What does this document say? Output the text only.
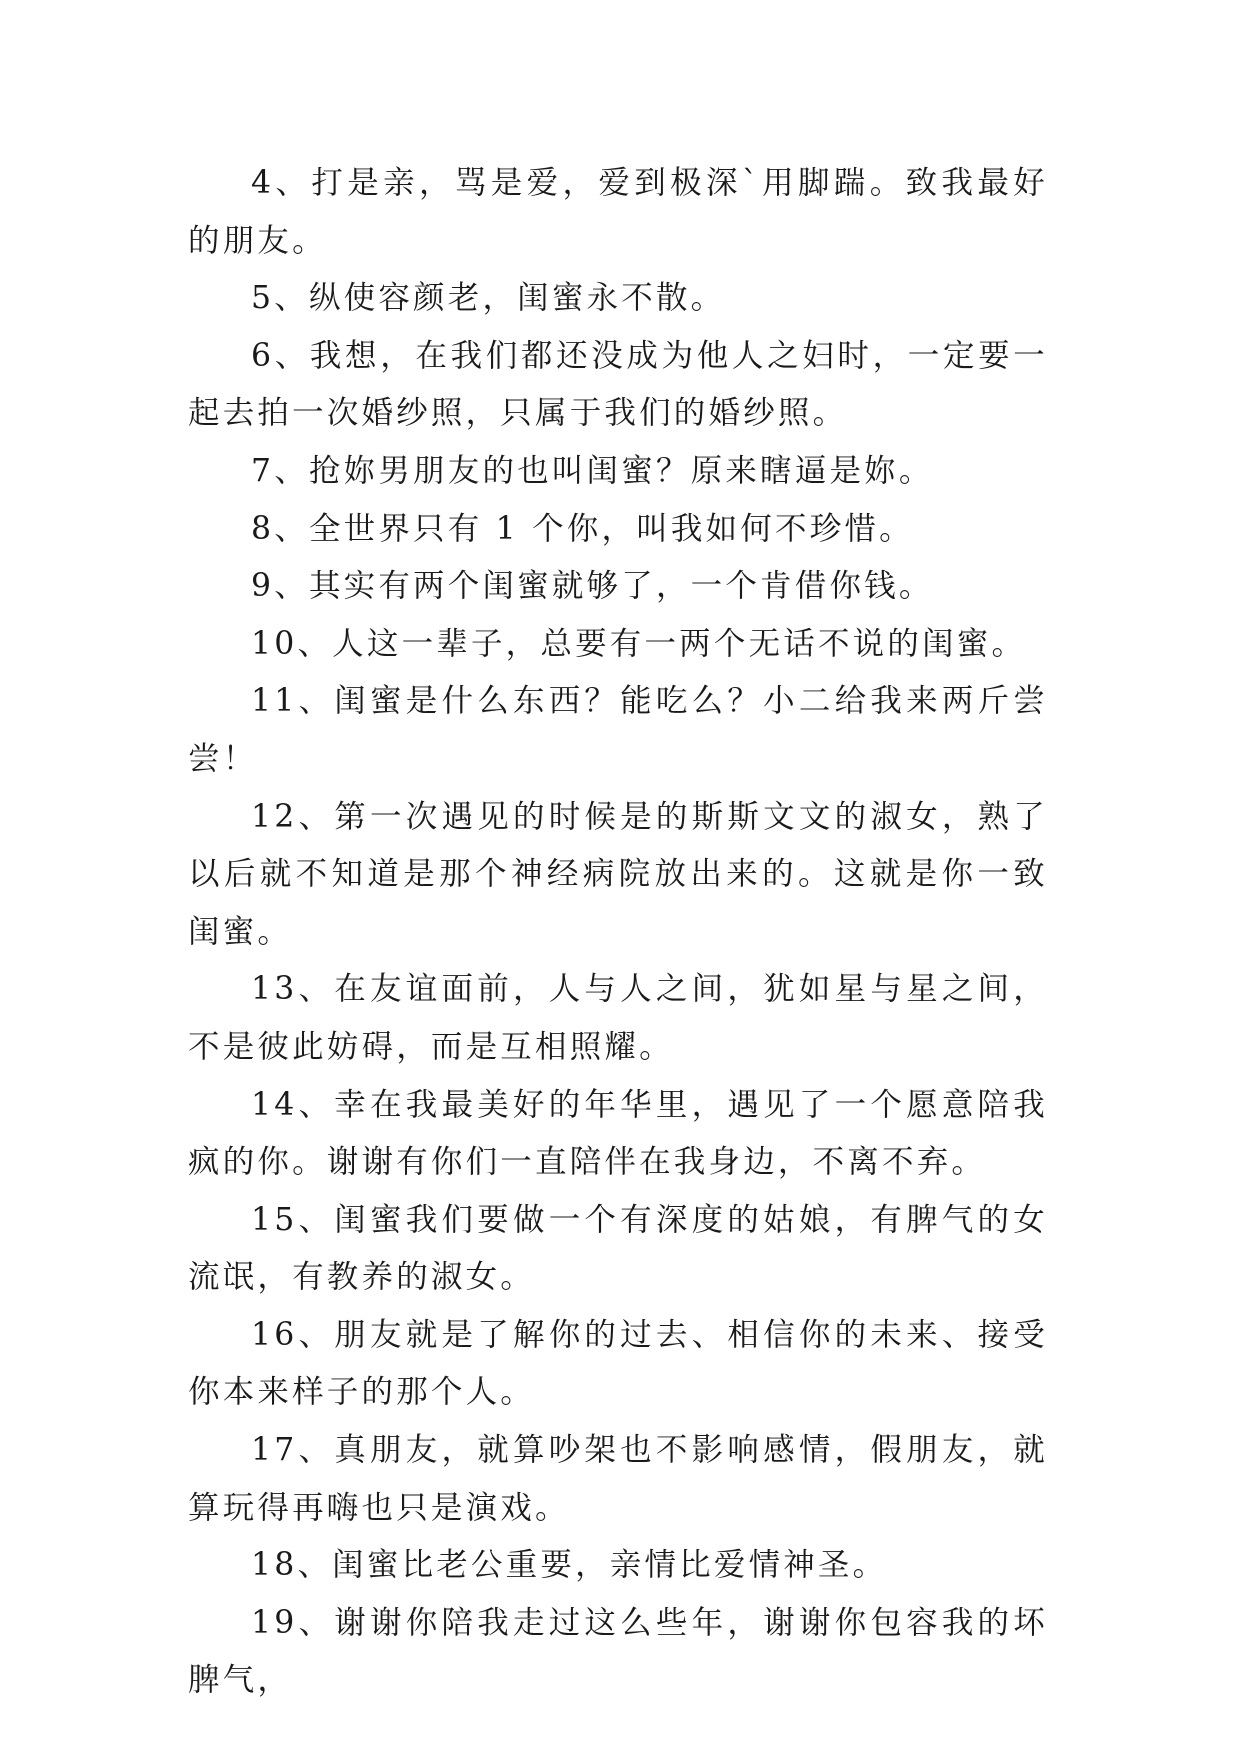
4、打是亲，骂是爱，爱到极深`用脚踹。致我最好的朋友。

5、纵使容颜老，闺蜜永不散。

6、我想，在我们都还没成为他人之妇时，一定要一起去拍一次婚纱照，只属于我们的婚纱照。

7、抢妳男朋友的也叫闺蜜？原来瞎逼是妳。

8、全世界只有 1 个你，叫我如何不珍惜。

9、其实有两个闺蜜就够了，一个肯借你钱。

10、人这一辈子，总要有一两个无话不说的闺蜜。

11、闺蜜是什么东西？能吃么？小二给我来两斤尝尝！

12、第一次遇见的时候是的斯斯文文的淑女，熟了以后就不知道是那个神经病院放出来的。这就是你一致闺蜜。

13、在友谊面前，人与人之间，犹如星与星之间，不是彼此妨碍，而是互相照耀。

14、幸在我最美好的年华里，遇见了一个愿意陪我疯的你。谢谢有你们一直陪伴在我身边，不离不弃。

15、闺蜜我们要做一个有深度的姑娘，有脾气的女流氓，有教养的淑女。

16、朋友就是了解你的过去、相信你的未来、接受你本来样子的那个人。

17、真朋友，就算吵架也不影响感情，假朋友，就算玩得再嗨也只是演戏。

18、闺蜜比老公重要，亲情比爱情神圣。

19、谢谢你陪我走过这么些年，谢谢你包容我的坏脾气，
